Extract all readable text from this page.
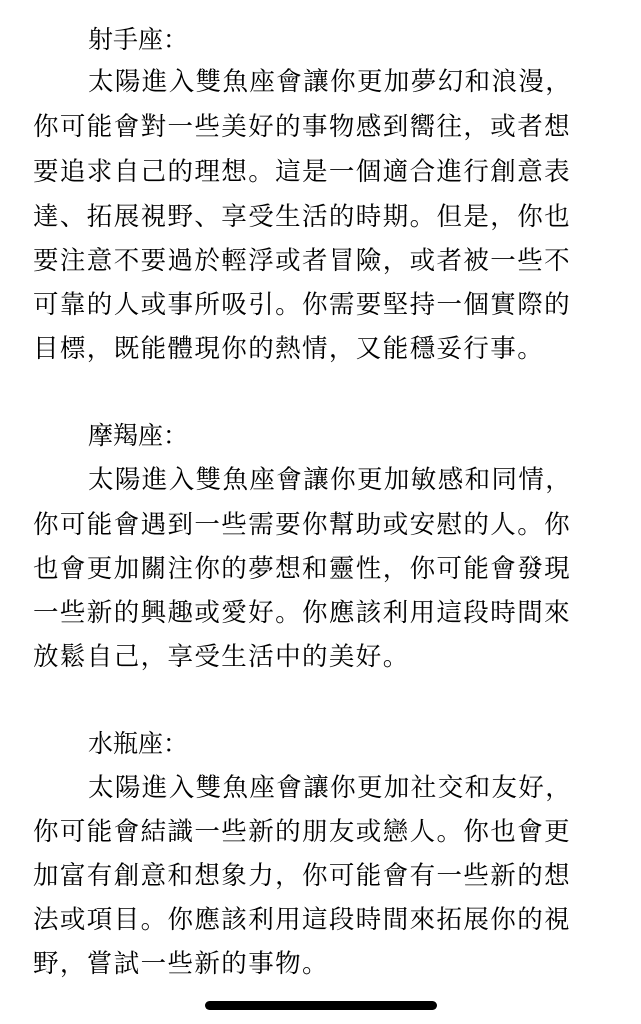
射手座：
太陽進入雙魚座會讓你更加夢幻和浪漫，
你可能會對一些美好的事物感到嚮往，或者想
要追求自己的理想。這是一個適合進行創意表
達、拓展視野、享受生活的時期。但是，你也
要注意不要過於輕浮或者冒險，或者被一些不
可靠的人或事所吸引。你需要堅持一個實際的
目標，既能體現你的熱情，又能穩妥行事。
摩羯座：
太陽進入雙魚座會讓你更加敏感和同情，
你可能會遇到一些需要你幫助或安慰的人。你
也會更加關注你的夢想和靈性，你可能會發現
一些新的興趣或愛好。你應該利用這段時間來
放鬆自己，享受生活中的美好。
水瓶座：
太陽進入雙魚座會讓你更加社交和友好，
你可能會結識一些新的朋友或戀人。你也會更
加富有創意和想象力，你可能會有一些新的想
法或項目。你應該利用這段時間來拓展你的視
野，嘗試一些新的事物。
